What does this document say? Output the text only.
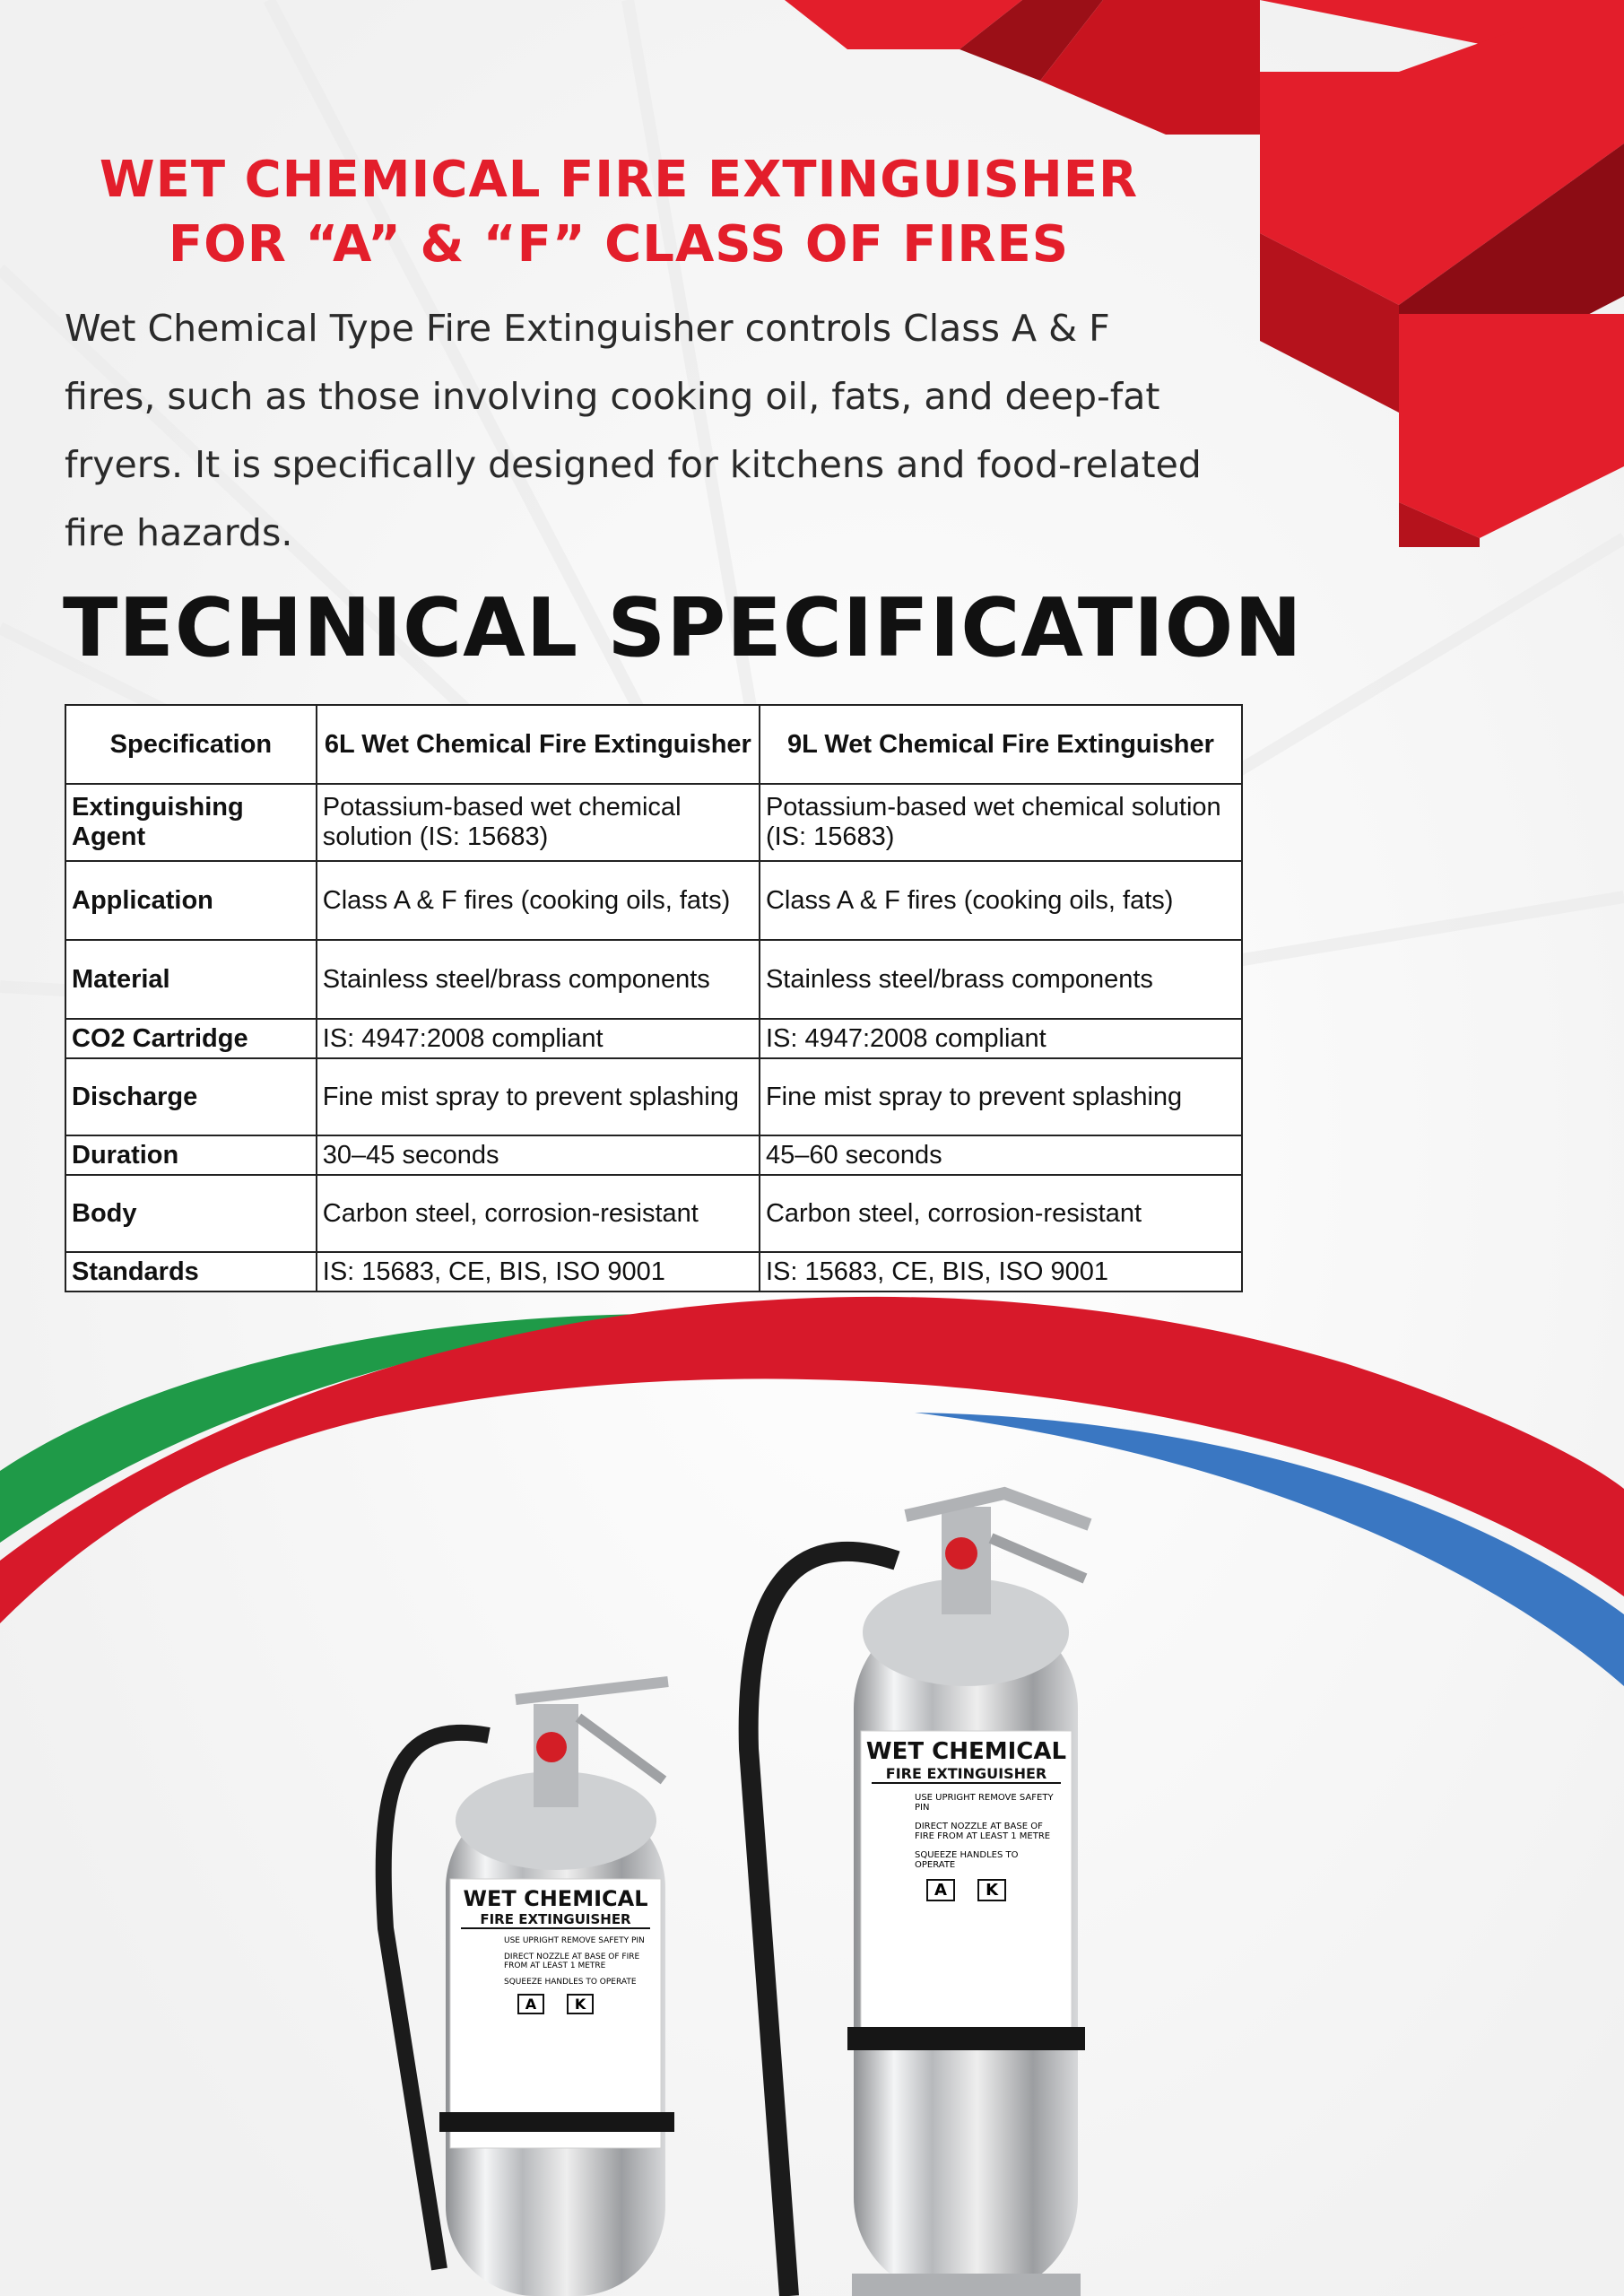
WET CHEMICAL
FIRE EXTINGUISHER
USE UPRIGHT REMOVE SAFETY PIN
DIRECT NOZZLE AT BASE OF FIRE FROM AT LEAST 1 METRE
SQUEEZE HANDLES TO OPERATE
A K
WET CHEMICAL
FIRE EXTINGUISHER
USE UPRIGHT REMOVE SAFETY PIN
DIRECT NOZZLE AT BASE OF FIRE FROM AT LEAST 1 METRE
SQUEEZE HANDLES TO OPERATE
A	K
WET CHEMICAL FIRE EXTINGUISHER
FOR “A” & “F” CLASS OF FIRES

Wet Chemical Type Fire Extinguisher controls Class A & F
fires, such as those involving cooking oil, fats, and deep-fat
fryers. It is specifically designed for kitchens and food-related
fire hazards.

TECHNICAL SPECIFICATION
Specification	6L Wet Chemical Fire Extinguisher	9L Wet Chemical Fire Extinguisher
Extinguishing Agent	Potassium-based wet chemical solution (IS: 15683)	Potassium-based wet chemical solution (IS: 15683)
Application	Class A & F fires (cooking oils, fats)	Class A & F fires (cooking oils, fats)
Material	Stainless steel/brass components	Stainless steel/brass components
CO2 Cartridge	IS: 4947:2008 compliant	IS: 4947:2008 compliant
Discharge	Fine mist spray to prevent splashing	Fine mist spray to prevent splashing
Duration	30–45 seconds	45–60 seconds
Body	Carbon steel, corrosion-resistant	Carbon steel, corrosion-resistant
Standards	IS: 15683, CE, BIS, ISO 9001	IS: 15683, CE, BIS, ISO 9001
